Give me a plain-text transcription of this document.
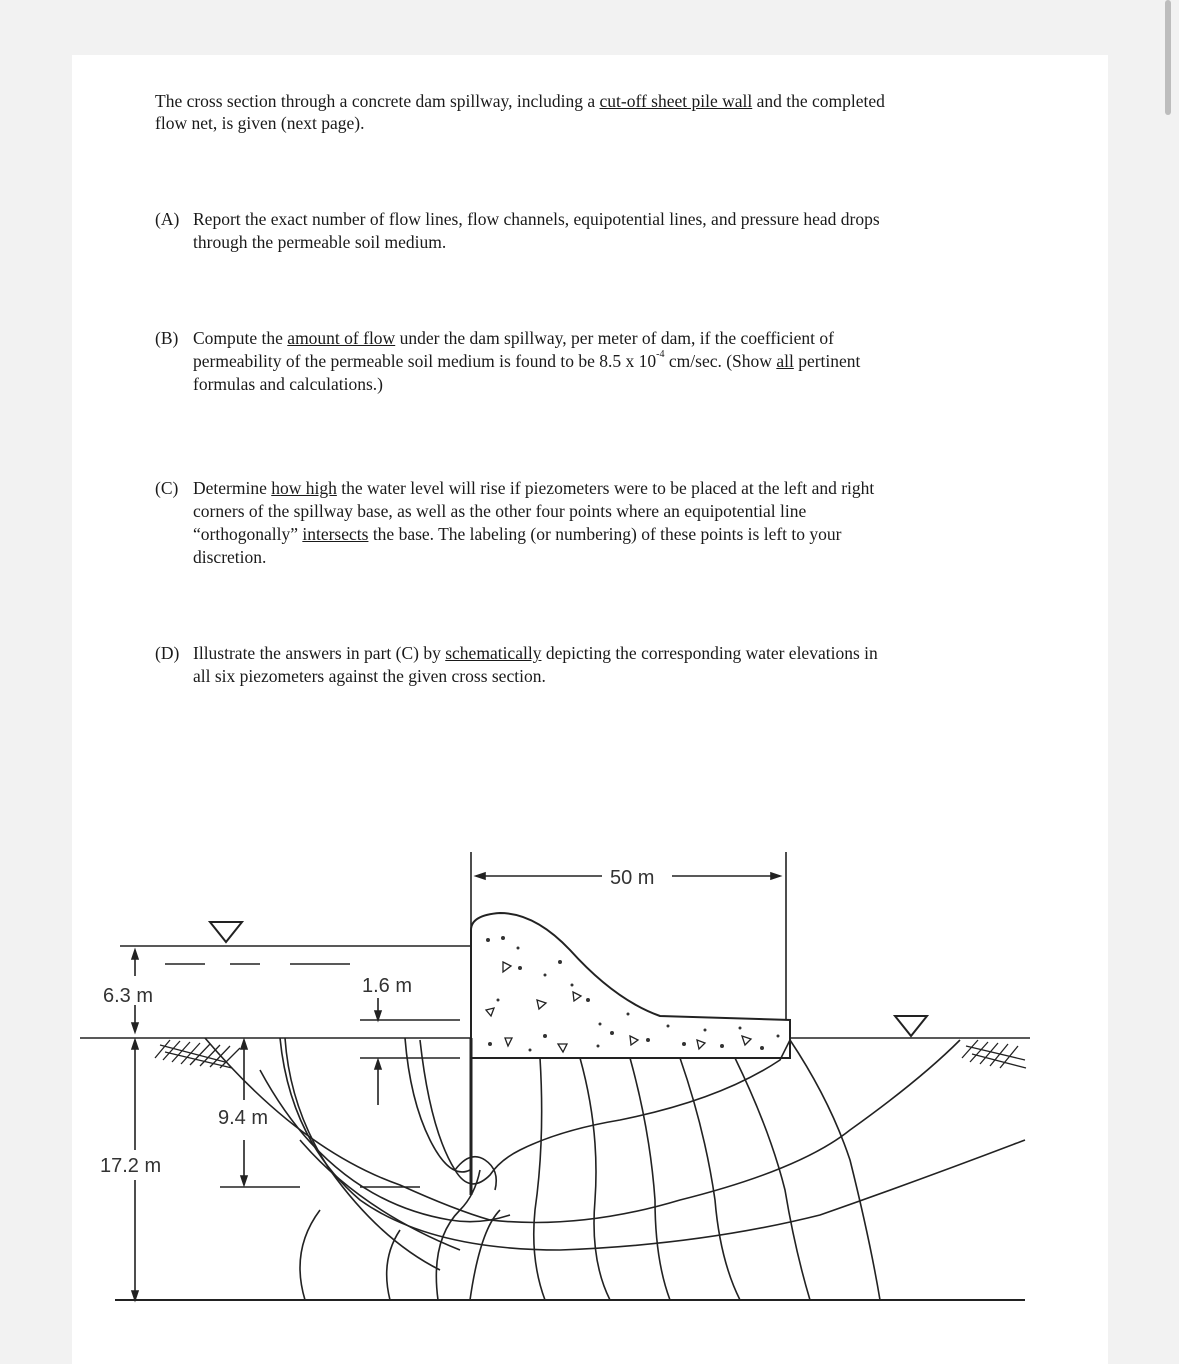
The cross section through a concrete dam spillway, including a cut-off sheet pile wall and the completed flow net, is given (next page).
(A) Report the exact number of flow lines, flow channels, equipotential lines, and pressure head drops through the permeable soil medium.
(B) Compute the amount of flow under the dam spillway, per meter of dam, if the coefficient of permeability of the permeable soil medium is found to be 8.5 x $10^{-4}$ cm/sec. (Show all pertinent formulas and calculations.)
(C) Determine how high the water level will rise if piezometers were to be placed at the left and right corners of the spillway base, as well as the other four points where an equipotential line “orthogonally” intersects the base. The labeling (or numbering) of these points is left to your discretion.
(D) Illustrate the answers in part (C) by schematically depicting the corresponding water elevations in all six piezometers against the given cross section.
50 m
6.3 m	1.6 m
9.4 m
17.2 m
